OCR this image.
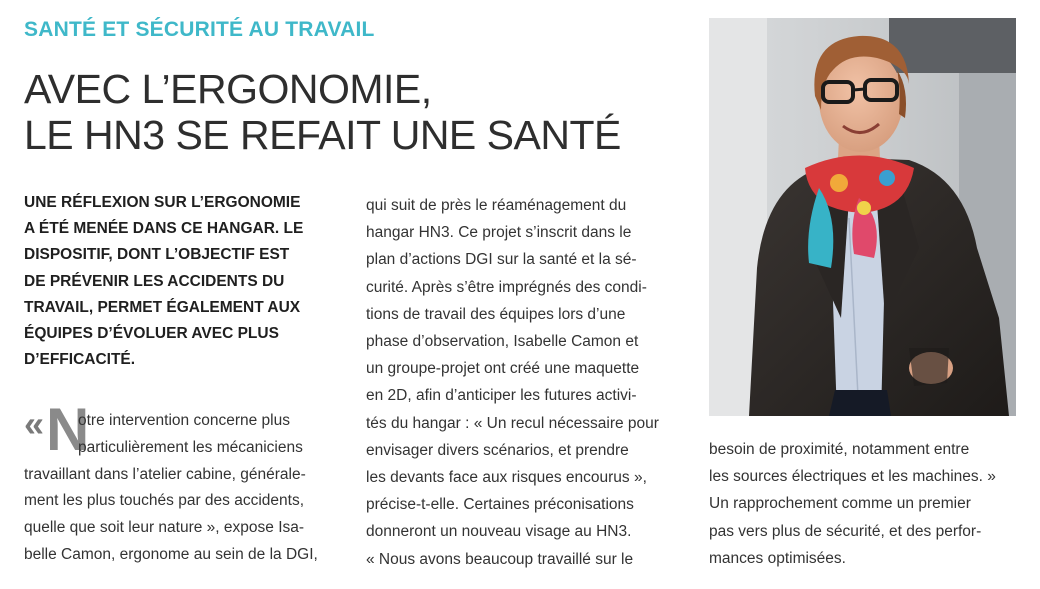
SANTÉ ET SÉCURITÉ AU TRAVAIL
AVEC L’ERGONOMIE,
LE HN3 SE REFAIT UNE SANTÉ
UNE RÉFLEXION SUR L’ERGONOMIE
A ÉTÉ MENÉE DANS CE HANGAR. LE
DISPOSITIF, DONT L’OBJECTIF EST
DE PRÉVENIR LES ACCIDENTS DU
TRAVAIL, PERMET ÉGALEMENT AUX
ÉQUIPES D’ÉVOLUER AVEC PLUS
D’EFFICACITÉ.
« N
otre intervention concerne plus
particulièrement les mécaniciens
travaillant dans l’atelier cabine, générale-
ment les plus touchés par des accidents,
quelle que soit leur nature », expose Isa-
belle Camon, ergonome au sein de la DGI,
qui suit de près le réaménagement du
hangar HN3. Ce projet s’inscrit dans le
plan d’actions DGI sur la santé et la sé-
curité. Après s’être imprégnés des condi-
tions de travail des équipes lors d’une
phase d’observation, Isabelle Camon et
un groupe-projet ont créé une maquette
en 2D, afin d’anticiper les futures activi-
tés du hangar : « Un recul nécessaire pour
envisager divers scénarios, et prendre
les devants face aux risques encourus »,
précise-t-elle. Certaines préconisations
donneront un nouveau visage au HN3.
« Nous avons beaucoup travaillé sur le
besoin de proximité, notamment entre
les sources électriques et les machines. »
Un rapprochement comme un premier
pas vers plus de sécurité, et des perfor-
mances optimisées.
